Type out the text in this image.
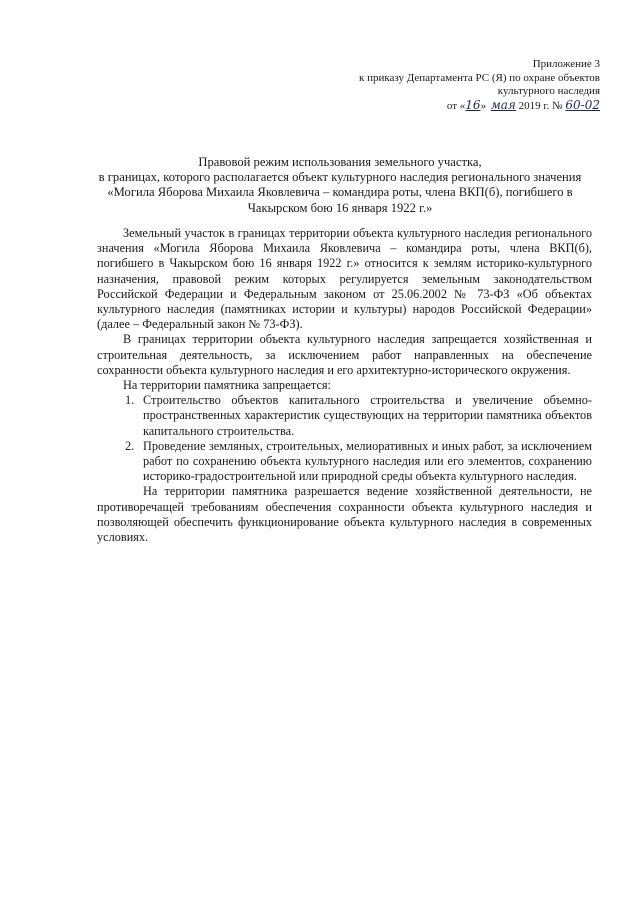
Приложение 3
к приказу Департамента РС (Я) по охране объектов
культурного наследия
от «16» мая 2019 г. № 60-02
Правовой режим использования земельного участка,
в границах, которого располагается объект культурного наследия регионального значения
«Могила Яборова Михаила Яковлевича – командира роты, члена ВКП(б), погибшего в
Чакырском бою 16 января 1922 г.»

Земельный участок в границах территории объекта культурного наследия регионального значения «Могила Яборова Михаила Яковлевича – командира роты, члена ВКП(б), погибшего в Чакырском бою 16 января 1922 г.» относится к землям историко-культурного назначения, правовой режим которых регулируется земельным законодательством Российской Федерации и Федеральным законом от 25.06.2002 № 73-ФЗ «Об объектах культурного наследия (памятниках истории и культуры) народов Российской Федерации» (далее – Федеральный закон № 73-ФЗ).

В границах территории объекта культурного наследия запрещается хозяйственная и строительная деятельность, за исключением работ направленных на обеспечение сохранности объекта культурного наследия и его архитектурно-исторического окружения.

На территории памятника запрещается:

1. Строительство объектов капитального строительства и увеличение объемно-пространственных характеристик существующих на территории памятника объектов капитального строительства.
2. Проведение земляных, строительных, мелиоративных и иных работ, за исключением работ по сохранению объекта культурного наследия или его элементов, сохранению историко-градостроительной или природной среды объекта культурного наследия.

На территории памятника разрешается ведение хозяйственной деятельности, не противоречащей требованиям обеспечения сохранности объекта культурного наследия и позволяющей обеспечить функционирование объекта культурного наследия в современных условиях.
